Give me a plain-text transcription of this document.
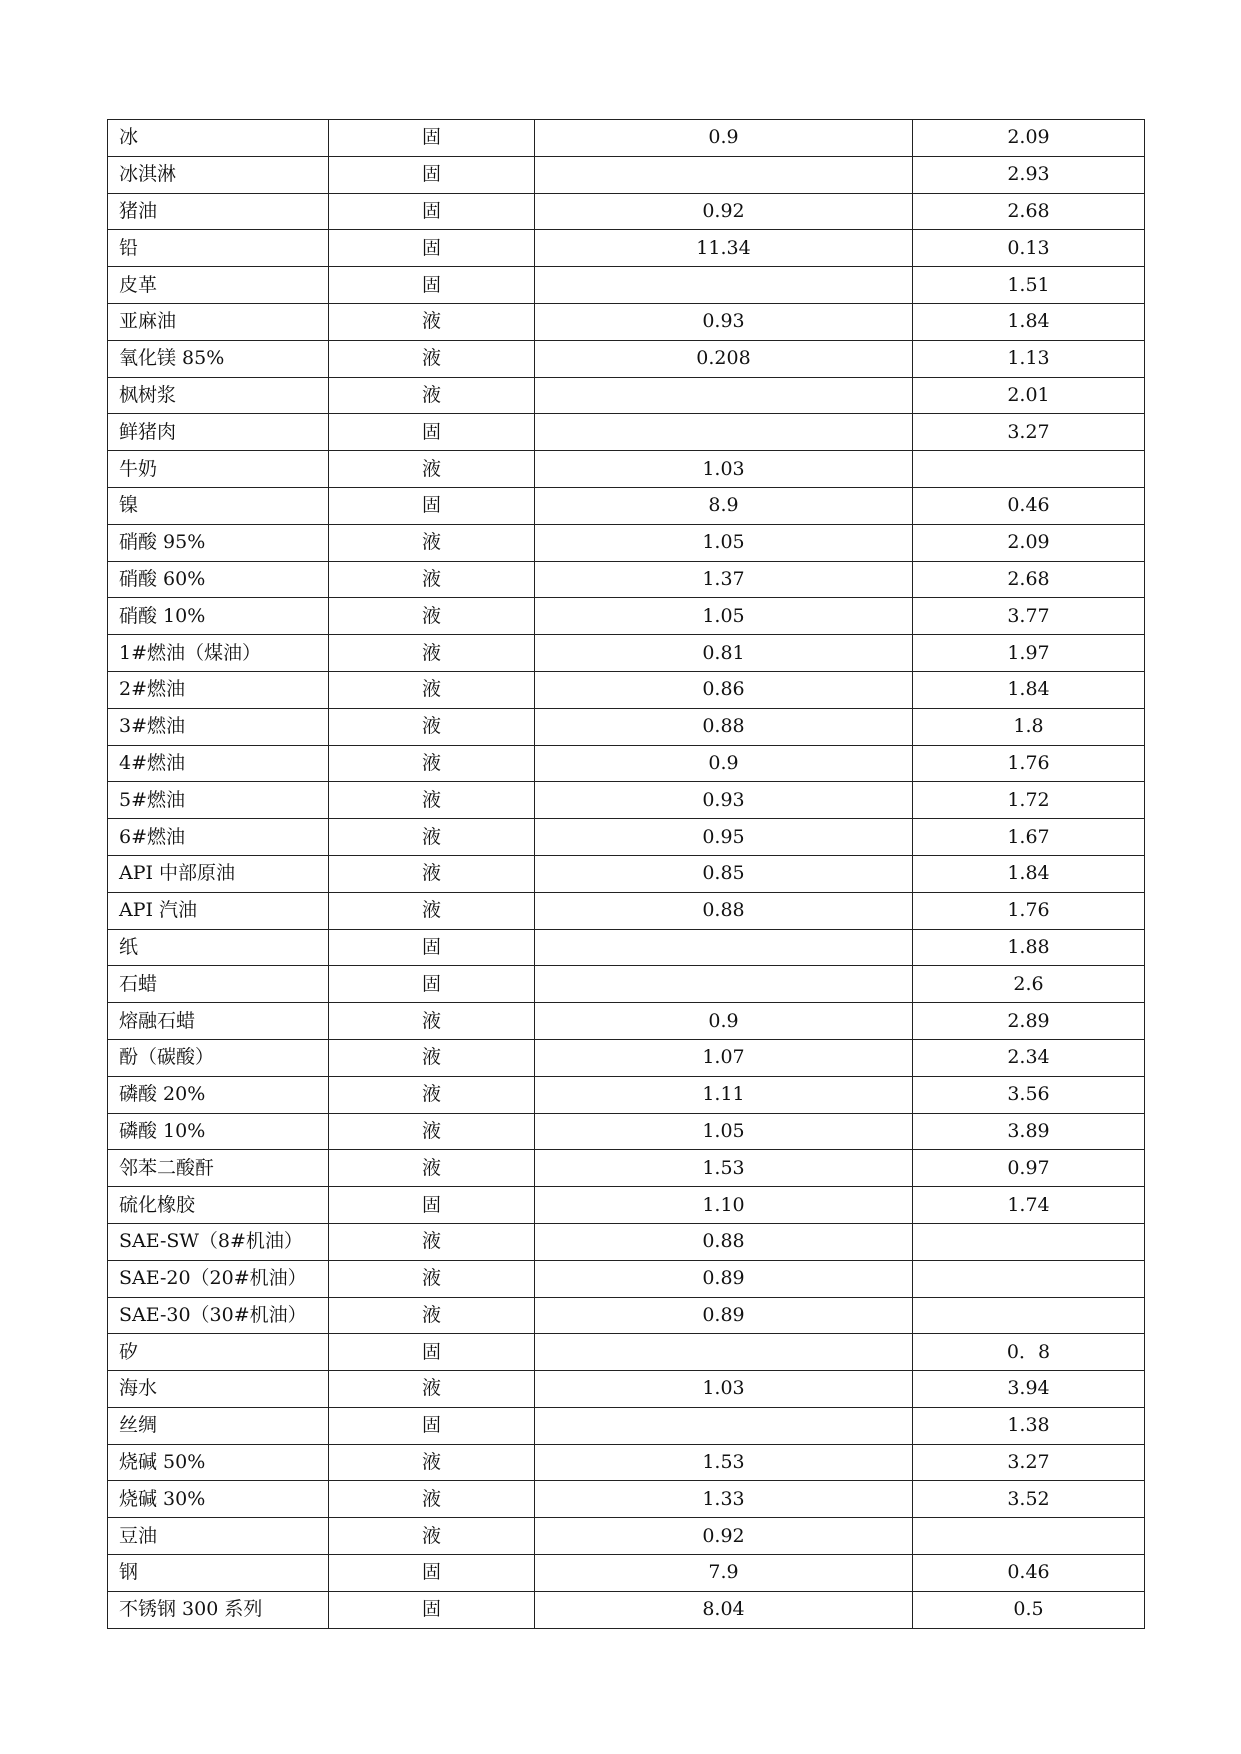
冰	固	0.9	2.09
冰淇淋	固		2.93
猪油	固	0.92	2.68
铅	固	11.34	0.13
皮革	固		1.51
亚麻油	液	0.93	1.84
氧化镁 85%	液	0.208	1.13
枫树浆	液		2.01
鲜猪肉	固		3.27
牛奶	液	1.03	
镍	固	8.9	0.46
硝酸 95%	液	1.05	2.09
硝酸 60%	液	1.37	2.68
硝酸 10%	液	1.05	3.77
1#燃油（煤油）	液	0.81	1.97
2#燃油	液	0.86	1.84
3#燃油	液	0.88	1.8
4#燃油	液	0.9	1.76
5#燃油	液	0.93	1.72
6#燃油	液	0.95	1.67
API 中部原油	液	0.85	1.84
API 汽油	液	0.88	1.76
纸	固		1.88
石蜡	固		2.6
熔融石蜡	液	0.9	2.89
酚（碳酸）	液	1.07	2.34
磷酸 20%	液	1.11	3.56
磷酸 10%	液	1.05	3.89
邻苯二酸酐	液	1.53	0.97
硫化橡胶	固	1.10	1.74
SAE-SW（8#机油）	液	0.88	
SAE-20（20#机油）	液	0.89	
SAE-30（30#机油）	液	0.89	
矽	固		0．8
海水	液	1.03	3.94
丝绸	固		1.38
烧碱 50%	液	1.53	3.27
烧碱 30%	液	1.33	3.52
豆油	液	0.92	
钢	固	7.9	0.46
不锈钢 300 系列	固	8.04	0.5
